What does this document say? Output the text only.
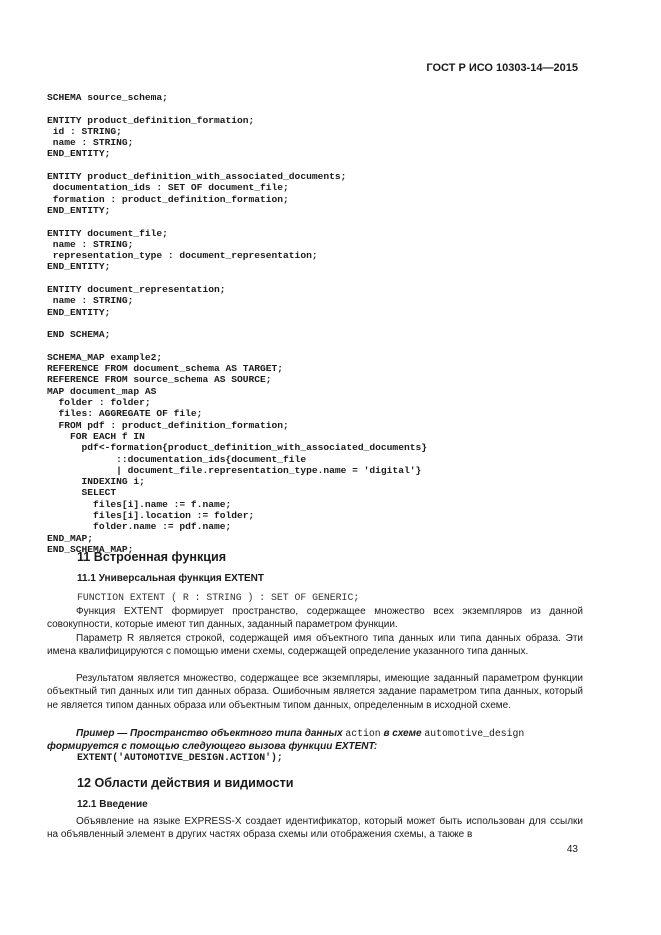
ГОСТ Р ИСО 10303-14—2015
SCHEMA source_schema;

ENTITY product_definition_formation;
id : STRING;
name : STRING;
END_ENTITY;

ENTITY product_definition_with_associated_documents;
documentation_ids : SET OF document_file;
formation : product_definition_formation;
END_ENTITY;

ENTITY document_file;
name : STRING;
representation_type : document_representation;
END_ENTITY;

ENTITY document_representation;
name : STRING;
END_ENTITY;

END SCHEMA;

SCHEMA_MAP example2;
REFERENCE FROM document_schema AS TARGET;
REFERENCE FROM source_schema AS SOURCE;
MAP document_map AS
folder : folder;
files: AGGREGATE OF file;
FROM pdf : product_definition_formation;
FOR EACH f IN
pdf<-formation{product_definition_with_associated_documents}
::documentation_ids{document_file
| document_file.representation_type.name = 'digital'}
INDEXING i;
SELECT
files[i].name := f.name;
files[i].location := folder;
folder.name := pdf.name;
END_MAP;
END_SCHEMA_MAP;
11 Встроенная функция
11.1 Универсальная функция EXTENT
FUNCTION EXTENT ( R : STRING ) : SET OF GENERIC;

Функция EXTENT формирует пространство, содержащее множество всех экземпляров из данной совокупности, которые имеют тип данных, заданный параметром функции.

Параметр R является строкой, содержащей имя объектного типа данных или типа данных образа. Эти имена квалифицируются с помощью имени схемы, содержащей определение указанного типа данных.

Результатом является множество, содержащее все экземпляры, имеющие заданный параметром функции объектный тип данных или тип данных образа. Ошибочным является задание параметром типа данных, который не является типом данных образа или объектным типом данных, определенным в исходной схеме.

Пример — Пространство объектного типа данных action в схеме automotive_design формируется с помощью следующего вызова функции EXTENT:

EXTENT('AUTOMOTIVE_DESIGN.ACTION');
12 Области действия и видимости
12.1 Введение

Объявление на языке EXPRESS-X создает идентификатор, который может быть использован для ссылки на объявленный элемент в других частях образа схемы или отображения схемы, а также в

43
